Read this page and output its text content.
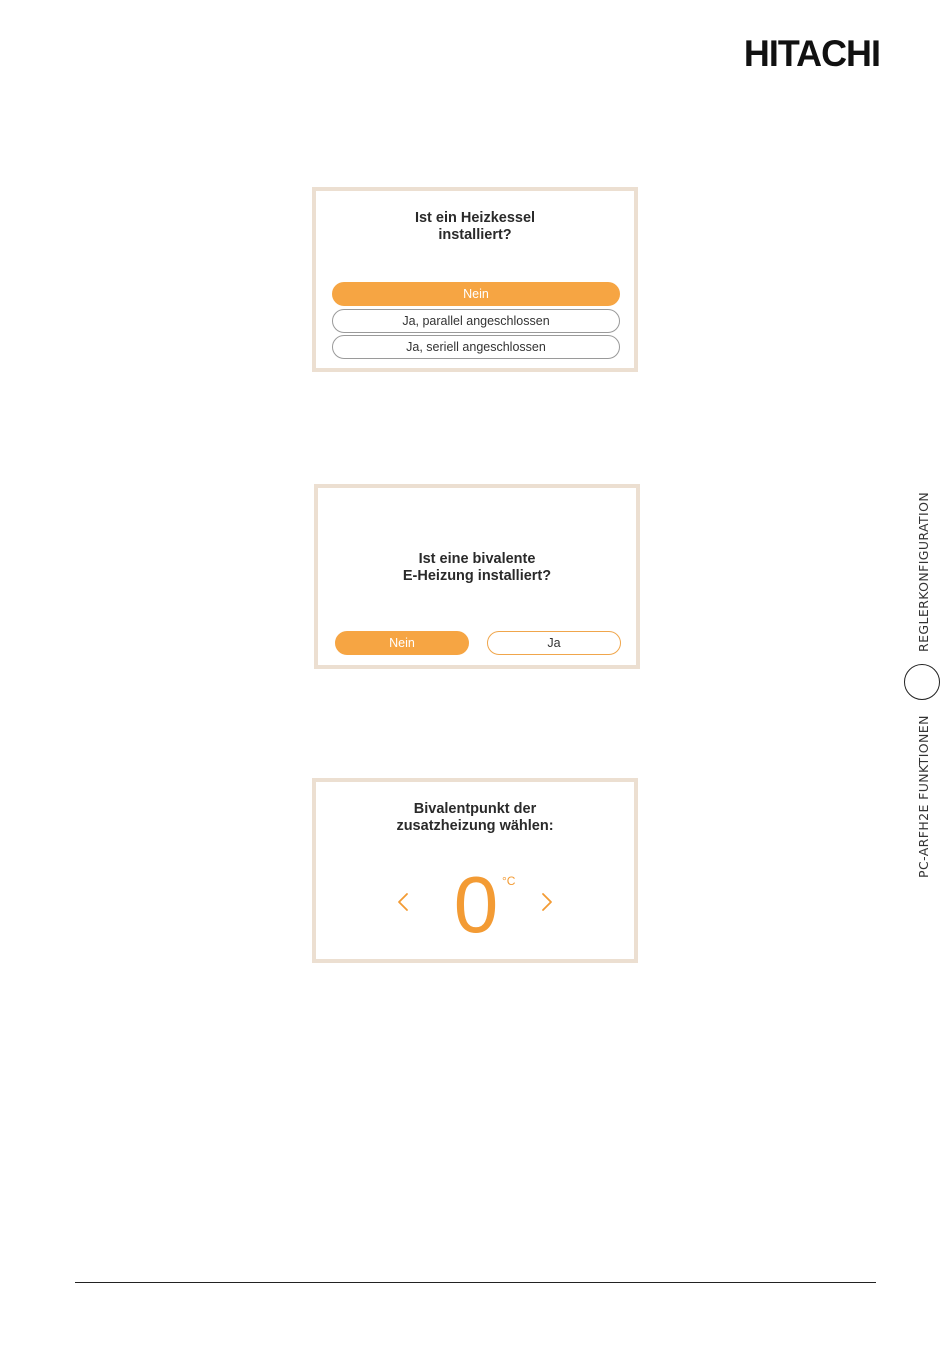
HITACHI
Ist ein Heizkessel
installiert?
Nein
Ja, parallel angeschlossen
Ja, seriell angeschlossen
Ist eine bivalente
E-Heizung installiert?
Nein	Ja
Bivalentpunkt der
zusatzheizung wählen:
0 °C
REGLERKONFIGURATION
PC-ARFH2E FUNKTIONEN
